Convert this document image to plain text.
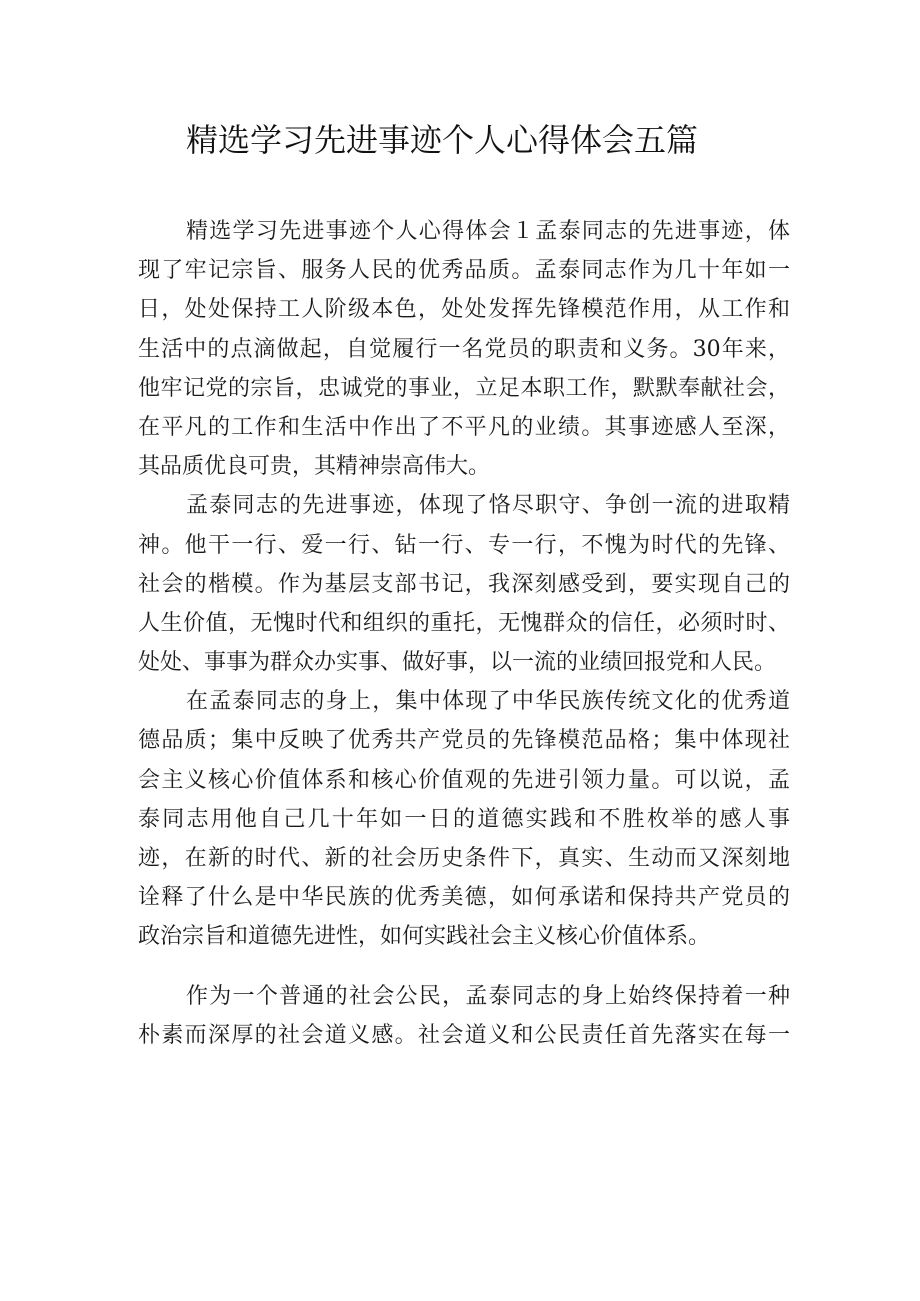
精选学习先进事迹个人心得体会五篇
精选学习先进事迹个人心得体会１孟泰同志的先进事迹，体
现了牢记宗旨、服务人民的优秀品质。孟泰同志作为几十年如一
日，处处保持工人阶级本色，处处发挥先锋模范作用，从工作和
生活中的点滴做起，自觉履行一名党员的职责和义务。30年来，
他牢记党的宗旨，忠诚党的事业，立足本职工作，默默奉献社会，
在平凡的工作和生活中作出了不平凡的业绩。其事迹感人至深，
其品质优良可贵，其精神崇高伟大。
孟泰同志的先进事迹，体现了恪尽职守、争创一流的进取精
神。他干一行、爱一行、钻一行、专一行，不愧为时代的先锋、
社会的楷模。作为基层支部书记，我深刻感受到，要实现自己的
人生价值，无愧时代和组织的重托，无愧群众的信任，必须时时、
处处、事事为群众办实事、做好事，以一流的业绩回报党和人民。
在孟泰同志的身上，集中体现了中华民族传统文化的优秀道
德品质；集中反映了优秀共产党员的先锋模范品格；集中体现社
会主义核心价值体系和核心价值观的先进引领力量。可以说，孟
泰同志用他自己几十年如一日的道德实践和不胜枚举的感人事
迹，在新的时代、新的社会历史条件下，真实、生动而又深刻地
诠释了什么是中华民族的优秀美德，如何承诺和保持共产党员的
政治宗旨和道德先进性，如何实践社会主义核心价值体系。
作为一个普通的社会公民，孟泰同志的身上始终保持着一种
朴素而深厚的社会道义感。社会道义和公民责任首先落实在每一
